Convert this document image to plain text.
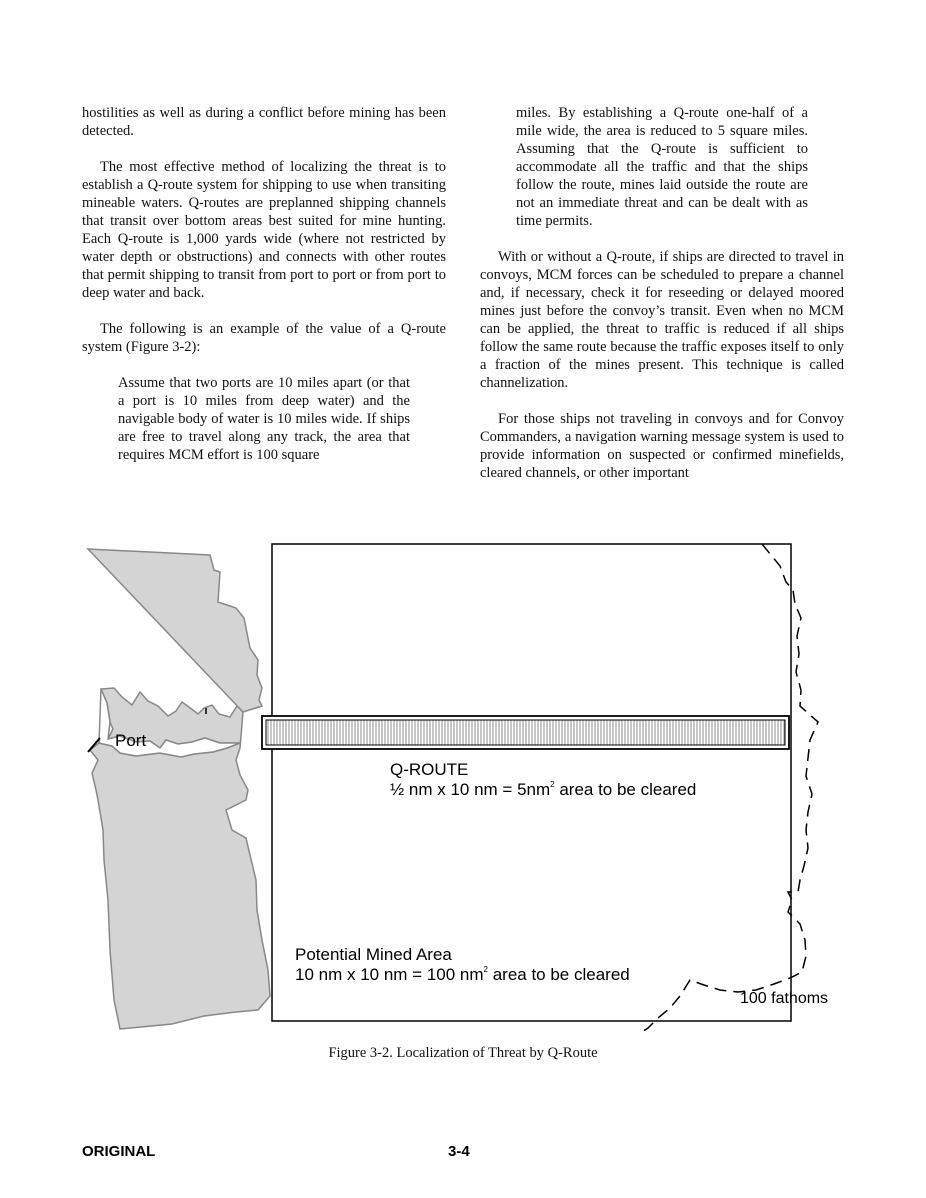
hostilities as well as during a conflict before mining has been detected.

The most effective method of localizing the threat is to establish a Q-route system for shipping to use when transiting mineable waters. Q-routes are preplanned shipping channels that transit over bottom areas best suited for mine hunting. Each Q-route is 1,000 yards wide (where not restricted by water depth or obstructions) and connects with other routes that permit shipping to transit from port to port or from port to deep water and back.

The following is an example of the value of a Q-route system (Figure 3-2):

Assume that two ports are 10 miles apart (or that a port is 10 miles from deep water) and the navigable body of water is 10 miles wide. If ships are free to travel along any track, the area that requires MCM effort is 100 square

miles. By establishing a Q-route one-half of a mile wide, the area is reduced to 5 square miles. Assuming that the Q-route is sufficient to accommodate all the traffic and that the ships follow the route, mines laid outside the route are not an immediate threat and can be dealt with as time permits.

With or without a Q-route, if ships are directed to travel in convoys, MCM forces can be scheduled to prepare a channel and, if necessary, check it for reseeding or delayed moored mines just before the convoy’s transit. Even when no MCM can be applied, the threat to traffic is reduced if all ships follow the same route because the traffic exposes itself to only a fraction of the mines present. This technique is called channelization.

For those ships not traveling in convoys and for Convoy Commanders, a navigation warning message system is used to provide information on suspected or confirmed minefields, cleared channels, or other important

Port
Q-ROUTE
½ nm x 10 nm = $5nm^2$ area to be cleared
Potential Mined Area
10 nm x 10 nm = 100 $nm^2$ area to be cleared
100 fathoms
Figure 3-2. Localization of Threat by Q-Route
ORIGINAL	3-4
